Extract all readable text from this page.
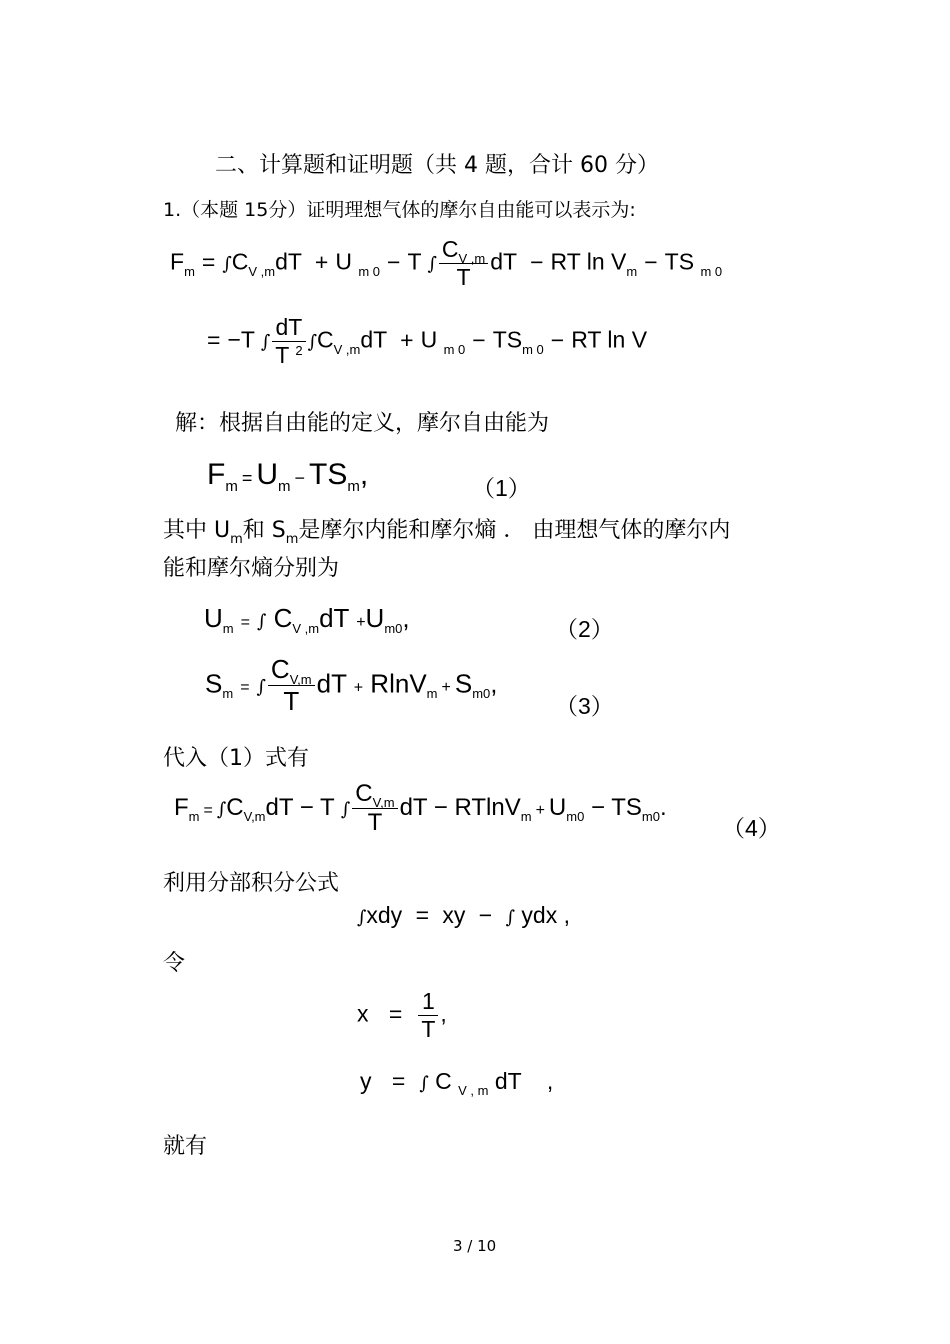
二、计算题和证明题（共 4 题，合计 60 分）
1.（本题 15分）证明理想气体的摩尔自由能可以表示为:
$F_m = \int C_{V ,m}dT + U$ $_{m 0}$ − T ∫ $\frac{C_{V ,m}}{T}$ dT − RT $\ln V_m$ − TS $_{m 0}$
= −T ∫ $\frac{dT}{T ^2} \int C_{V ,m}dT + U$ $_{m 0} - TS_{m 0}$ − RT ln V
解：根据自由能的定义，摩尔自由能为
$F_m = U_m - TS_m$,	（1）
其中 $U_m$和 $S_m$是摩尔内能和摩尔熵 ． 由理想气体的摩尔内
能和摩尔熵分别为
$U_m$ = ∫ $C_{V ,m}dT +U_{m0}$,	（2）
$S_m$ = ∫ $\frac{C_{V,m}}{T}$ dT + $RlnV_m + S_{m0}$,
（3）
代入（1）式有
$F_m = \int C_{V,m}dT - T$ ∫ $\frac{C_{V,m}}{T}$ dT − $RTlnV_m + U_{m0} - TS_{m0}$.
（4）
利用分部积分公式
∫xdy = xy − ∫ ydx ,
令
$x = \frac{1}{T}$ ,
y = ∫ C $_{V , m}$ dT    ,
就有
3 / 10
